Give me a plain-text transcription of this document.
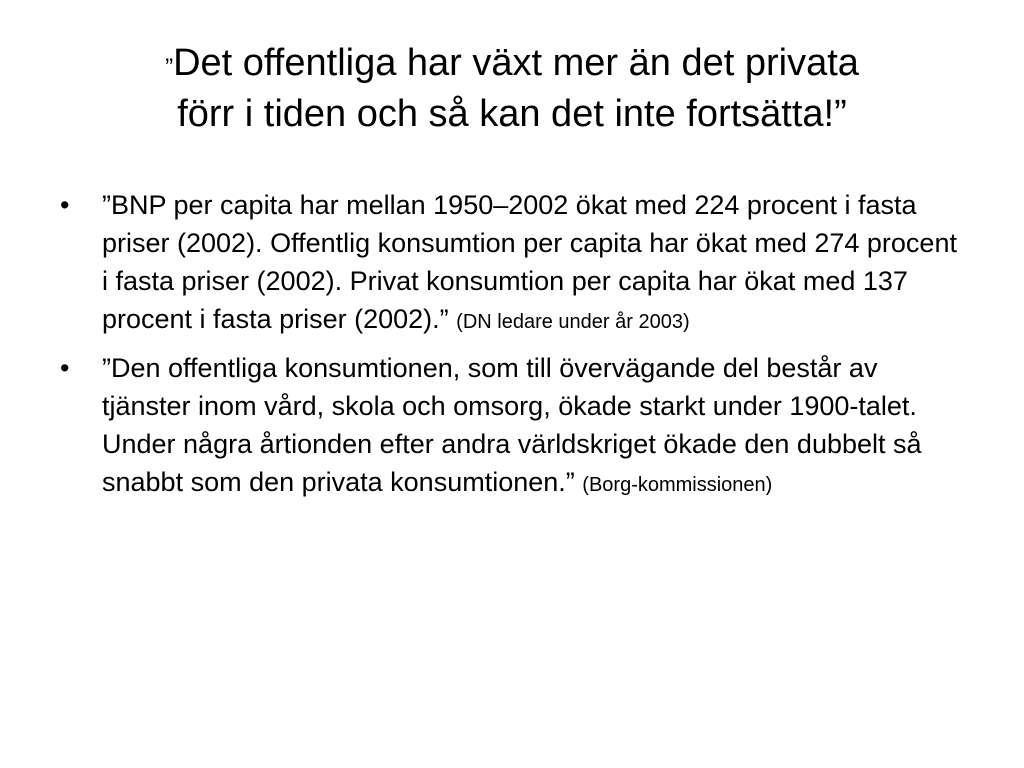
”Det offentliga har växt mer än det privata
förr i tiden och så kan det inte fortsätta!”
•	”BNP per capita har mellan 1950–2002 ökat med 224 procent i fasta priser (2002). Offentlig konsumtion per capita har ökat med 274 procent i fasta priser (2002). Privat konsumtion per capita har ökat med 137 procent i fasta priser (2002).” (DN ledare under år 2003)
•	”Den offentliga konsumtionen, som till övervägande del består av tjänster inom vård, skola och omsorg, ökade starkt under 1900-talet. Under några årtionden efter andra världskriget ökade den dubbelt så snabbt som den privata konsumtionen.” (Borg-kommissionen)
